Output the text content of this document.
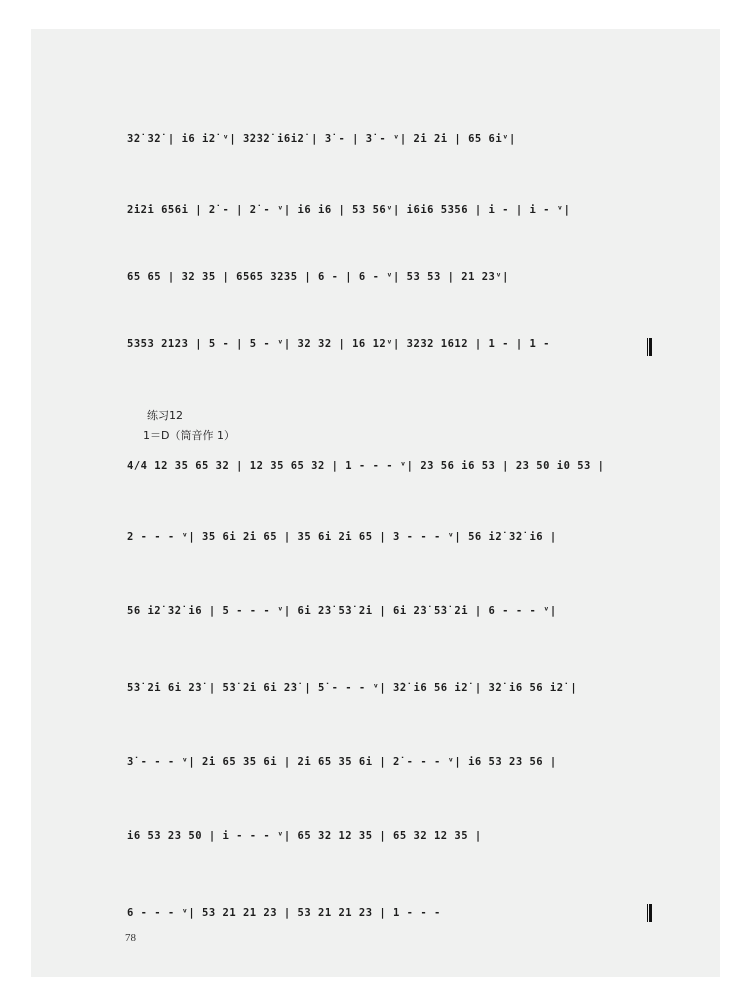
3̇2̇ 3̇2̇ | i6 i2̇ ᵛ| 3̇2̇3̇2̇ i6i2̇ | 3̇ - | 3̇ - ᵛ| 2̇i 2̇i | 65 6iᵛ|
2̇i2̇i 656i | 2̇ - | 2̇ - ᵛ| i6 i6 | 53 56ᵛ| i6i6 5356 | i - | i - ᵛ|
65 65 | 32 35 | 6565 3235 | 6 - | 6 - ᵛ| 53 53 | 21 23ᵛ|
5353 2123 | 5 - | 5 - ᵛ| 32 32 | 16 12ᵛ| 3232 1612 | 1 - | 1 -
练习12
1＝D（筒音作 1）
4/4 12 35 65 32 | 12 35 65 32 | 1 - - - ᵛ| 23 56 i6 53 | 23 50 i0 53 |
2 - - - ᵛ| 35 6i 2̇i 65 | 35 6i 2̇i 65 | 3 - - - ᵛ| 56 i2̇ 3̇2̇ i6 |
56 i2̇ 3̇2̇ i6 | 5 - - - ᵛ| 6i 2̇3̇ 5̇3̇ 2̇i | 6i 2̇3̇ 5̇3̇ 2̇i | 6 - - - ᵛ|
5̇3̇ 2̇i 6i 2̇3̇ | 5̇3̇ 2̇i 6i 2̇3̇ | 5̇ - - - ᵛ| 3̇2̇ i6 56 i2̇ | 3̇2̇ i6 56 i2̇ |
3̇ - - - ᵛ| 2̇i 65 35 6i | 2̇i 65 35 6i | 2̇ - - - ᵛ| i6 53 23 56 |
i6 53 23 50 | i - - - ᵛ| 65 32 12 35 | 65 32 12 35 |
6 - - - ᵛ| 53 21 21 23 | 53 21 21 23 | 1 - - -
78
